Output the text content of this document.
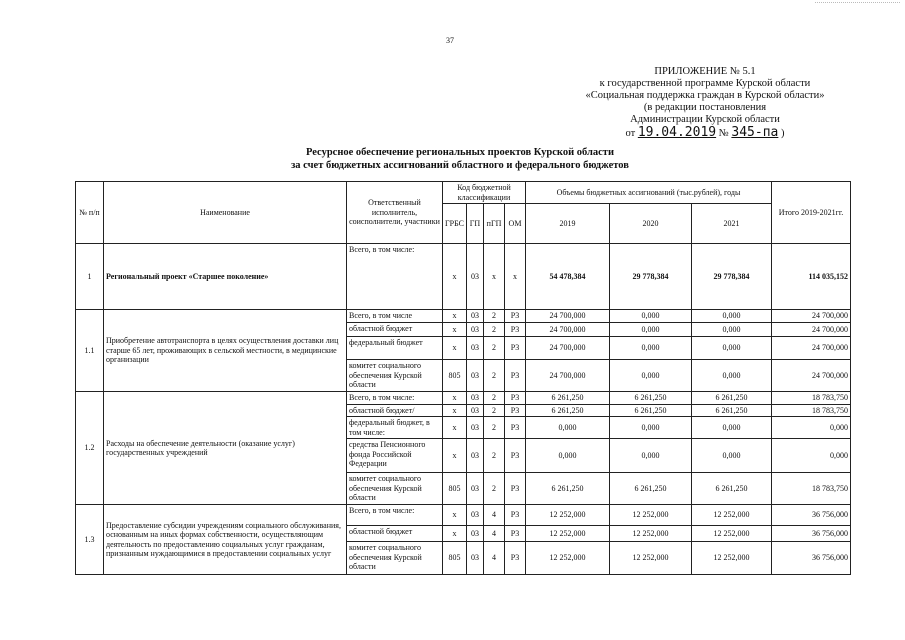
37
ПРИЛОЖЕНИЕ № 5.1
к государственной программе Курской области
«Социальная поддержка граждан в Курской области»
(в редакции постановления
Администрации Курской области
от 19.04.2019 № 345-па )
Ресурсное обеспечение региональных проектов Курской области
за счет бюджетных ассигнований областного и федерального бюджетов
№ п/п	Наименование	Ответственный исполнитель, соисполнители, участники	Код бюджетной классификации				Объемы бюджетных ассигнований (тыс.рублей), годы			Итого 2019-2021гг.
			ГРБС	ГП	пГП	ОМ	2019	2020	2021	
1	Региональный проект «Старшее поколение»	Всего, в том числе:	x	03	x	x	54 478,384	29 778,384	29 778,384	114 035,152
1.1	Приобретение автотранспорта в целях осуществления доставки лиц старше 65 лет, проживающих в сельской местности, в медицинские организации	Всего, в том числе	x	03	2	P3	24 700,000	0,000	0,000	24 700,000
		областной бюджет	x	03	2	P3	24 700,000	0,000	0,000	24 700,000
		федеральный бюджет	x	03	2	P3	24 700,000	0,000	0,000	24 700,000
		комитет социального обеспечения Курской области	805	03	2	P3	24 700,000	0,000	0,000	24 700,000
1.2	Расходы на обеспечение деятельности (оказание услуг) государственных учреждений	Всего, в том числе:	x	03	2	P3	6 261,250	6 261,250	6 261,250	18 783,750
		областной бюджет/	x	03	2	P3	6 261,250	6 261,250	6 261,250	18 783,750
		федеральный бюджет, в том числе:	x	03	2	P3	0,000	0,000	0,000	0,000
		средства Пенсионного фонда Российской Федерации	x	03	2	P3	0,000	0,000	0,000	0,000
		комитет социального обеспечения Курской области	805	03	2	P3	6 261,250	6 261,250	6 261,250	18 783,750
1.3	Предоставление субсидии учреждениям социального обслуживания, основанным на иных формах собственности, осуществляющим деятельность по предоставлению социальных услуг гражданам, признанным нуждающимися в предоставлении социальных услуг	Всего, в том числе:	x	03	4	P3	12 252,000	12 252,000	12 252,000	36 756,000
		областной бюджет	x	03	4	P3	12 252,000	12 252,000	12 252,000	36 756,000
		комитет социального обеспечения Курской области	805	03	4	P3	12 252,000	12 252,000	12 252,000	36 756,000
